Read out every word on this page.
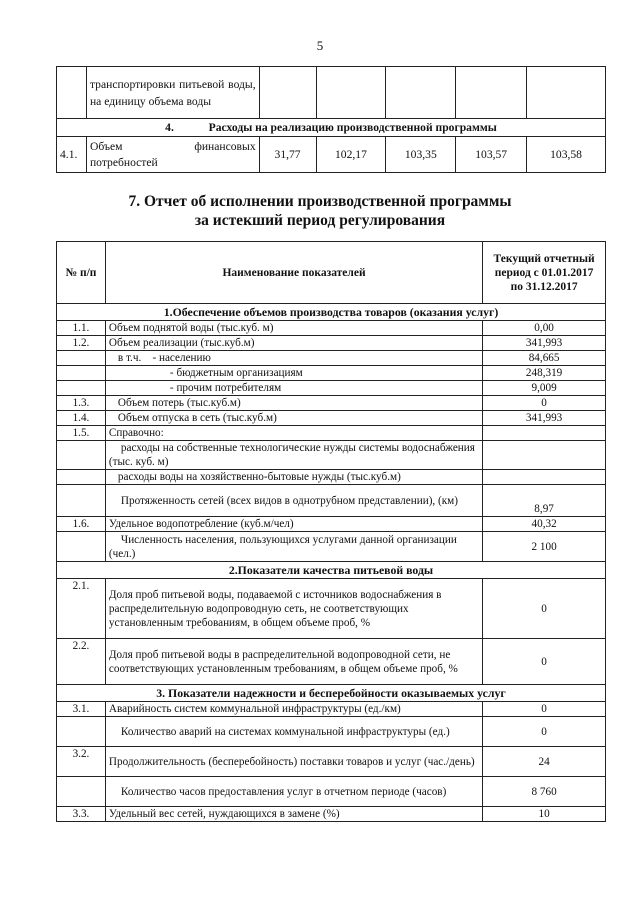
5
	транспортировки питьевой воды, на единицу объема воды					
4. Расходы на реализацию производственной программы						
4.1.	Объем финансовых потребностей	31,77	102,17	103,35	103,57	103,58
7. Отчет об исполнении производственной программы
за истекший период регулирования
№ п/п	Наименование показателей	Текущий отчетный период с 01.01.2017 по 31.12.2017
1.Обеспечение объемов производства товаров (оказания услуг)		
1.1.	Объем поднятой воды (тыс.куб. м)	0,00
1.2.	Объем реализации (тыс.куб.м)	341,993
	в т.ч.    - населению	84,665
	- бюджетным организациям	248,319
	- прочим потребителям	9,009
1.3.	Объем потерь (тыс.куб.м)	0
1.4.	Объем отпуска в сеть (тыс.куб.м)	341,993
1.5.	Справочно:	
	расходы на собственные технологические нужды системы водоснабжения (тыс. куб. м)	
	расходы воды на хозяйственно-бытовые нужды (тыс.куб.м)	
	Протяженность сетей (всех видов в однотрубном представлении), (км)	8,97
1.6.	Удельное водопотребление (куб.м/чел)	40,32
	Численность населения, пользующихся услугами данной организации (чел.)	2 100
2.Показатели качества питьевой воды		
2.1.	Доля проб питьевой воды, подаваемой с источников водоснабжения в распределительную водопроводную сеть, не соответствующих установленным требованиям, в общем объеме проб, %	0
2.2.	Доля проб питьевой воды в распределительной водопроводной сети, не соответствующих установленным требованиям, в общем объеме проб, %	0
3. Показатели надежности и бесперебойности оказываемых услуг		
3.1.	Аварийность систем коммунальной инфраструктуры (ед./км)	0
	Количество аварий на системах коммунальной инфраструктуры (ед.)	0
3.2.	Продолжительность (бесперебойность) поставки товаров и услуг (час./день)	24
	Количество часов предоставления услуг в отчетном периоде (часов)	8 760
3.3.	Удельный вес сетей, нуждающихся в замене (%)	10
